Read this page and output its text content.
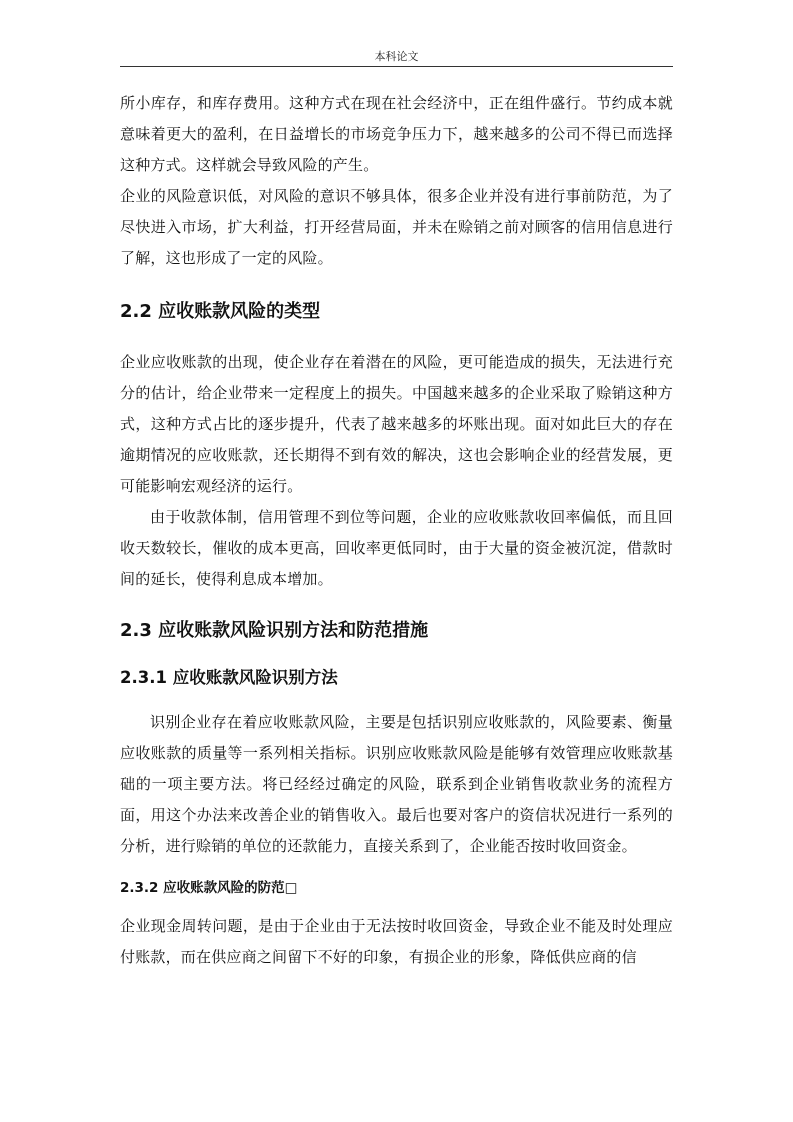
本科论文

所小库存，和库存费用。这种方式在现在社会经济中，正在组件盛行。节约成本就意味着更大的盈利，在日益增长的市场竞争压力下，越来越多的公司不得已而选择这种方式。这样就会导致风险的产生。

企业的风险意识低，对风险的意识不够具体，很多企业并没有进行事前防范，为了尽快进入市场，扩大利益，打开经营局面，并未在赊销之前对顾客的信用信息进行了解，这也形成了一定的风险。

2.2 应收账款风险的类型

企业应收账款的出现，使企业存在着潜在的风险，更可能造成的损失，无法进行充分的估计，给企业带来一定程度上的损失。中国越来越多的企业采取了赊销这种方式，这种方式占比的逐步提升，代表了越来越多的坏账出现。面对如此巨大的存在逾期情况的应收账款，还长期得不到有效的解决，这也会影响企业的经营发展，更可能影响宏观经济的运行。

由于收款体制，信用管理不到位等问题，企业的应收账款收回率偏低，而且回收天数较长，催收的成本更高，回收率更低同时，由于大量的资金被沉淀，借款时间的延长，使得利息成本增加。

2.3 应收账款风险识别方法和防范措施
2.3.1 应收账款风险识别方法

识别企业存在着应收账款风险，主要是包括识别应收账款的，风险要素、衡量应收账款的质量等一系列相关指标。识别应收账款风险是能够有效管理应收账款基础的一项主要方法。将已经经过确定的风险，联系到企业销售收款业务的流程方面，用这个办法来改善企业的销售收入。最后也要对客户的资信状况进行一系列的分析，进行赊销的单位的还款能力，直接关系到了，企业能否按时收回资金。

2.3.2 应收账款风险的防范□

企业现金周转问题，是由于企业由于无法按时收回资金，导致企业不能及时处理应付账款，而在供应商之间留下不好的印象，有损企业的形象，降低供应商的信
